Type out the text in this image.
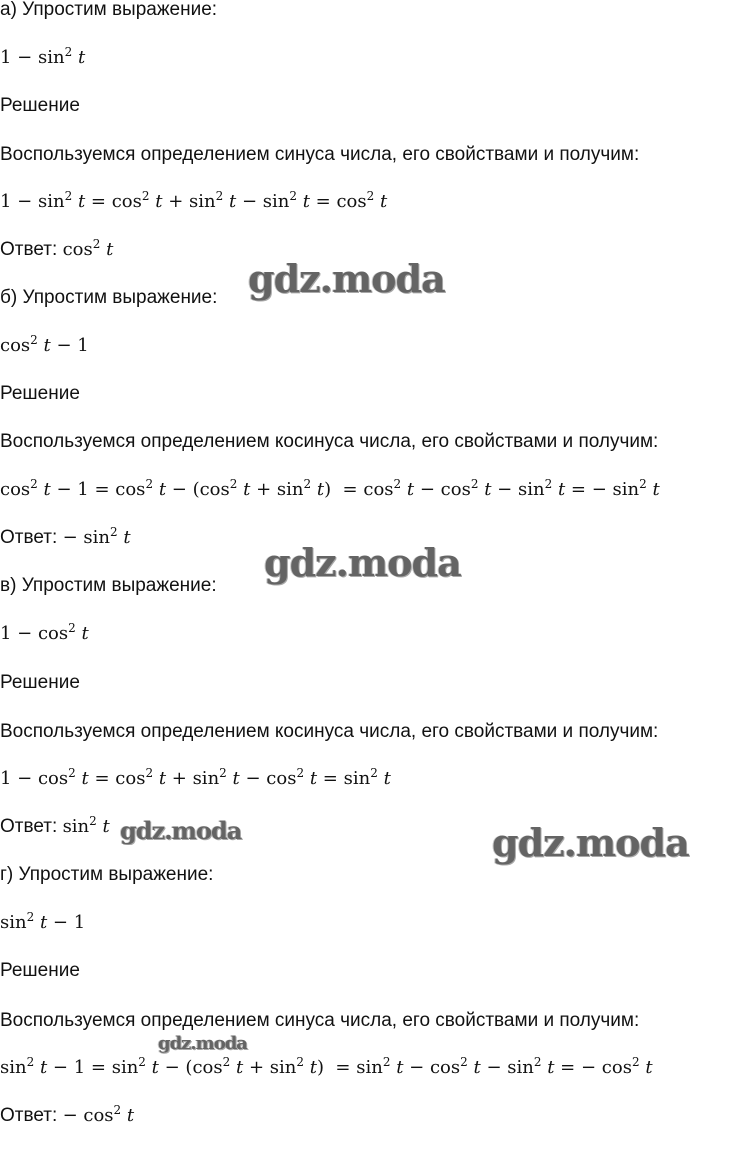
а) Упростим выражение:
$1 - \sin^2 t$
Решение
Воспользуемся определением синуса числа, его свойствами и получим:
$1 - \sin^2 t = \cos^2 t + \sin^2 t - \sin^2 t = \cos^2 t$
Ответ: $\cos^2 t$
б) Упростим выражение:
$\cos^2 t - 1$
Решение
Воспользуемся определением косинуса числа, его свойствами и получим:
$\cos^2 t - 1 = \cos^2 t - (\cos^2$ $t + \sin^2 t) = \cos^2 t - \cos^2 t - \sin^2 t$ = − $\sin^2 t$
Ответ: − $\sin^2 t$
в) Упростим выражение:
$1 - \cos^2 t$
Решение
Воспользуемся определением косинуса числа, его свойствами и получим:
$1 - \cos^2 t = \cos^2 t + \sin^2 t - \cos^2 t = \sin^2 t$
Ответ: $\sin^2 t$
г) Упростим выражение:
$\sin^2 t - 1$
Решение
Воспользуемся определением синуса числа, его свойствами и получим:
$\sin^2 t - 1 = \sin^2 t - (\cos^2$ $t + \sin^2 t) = \sin^2 t - \cos^2 t - \sin^2 t$ = − $\cos^2 t$
Ответ: − $\cos^2 t$
gdz.moda
gdz.moda
gdz.moda	gdz.moda
gdz.moda
